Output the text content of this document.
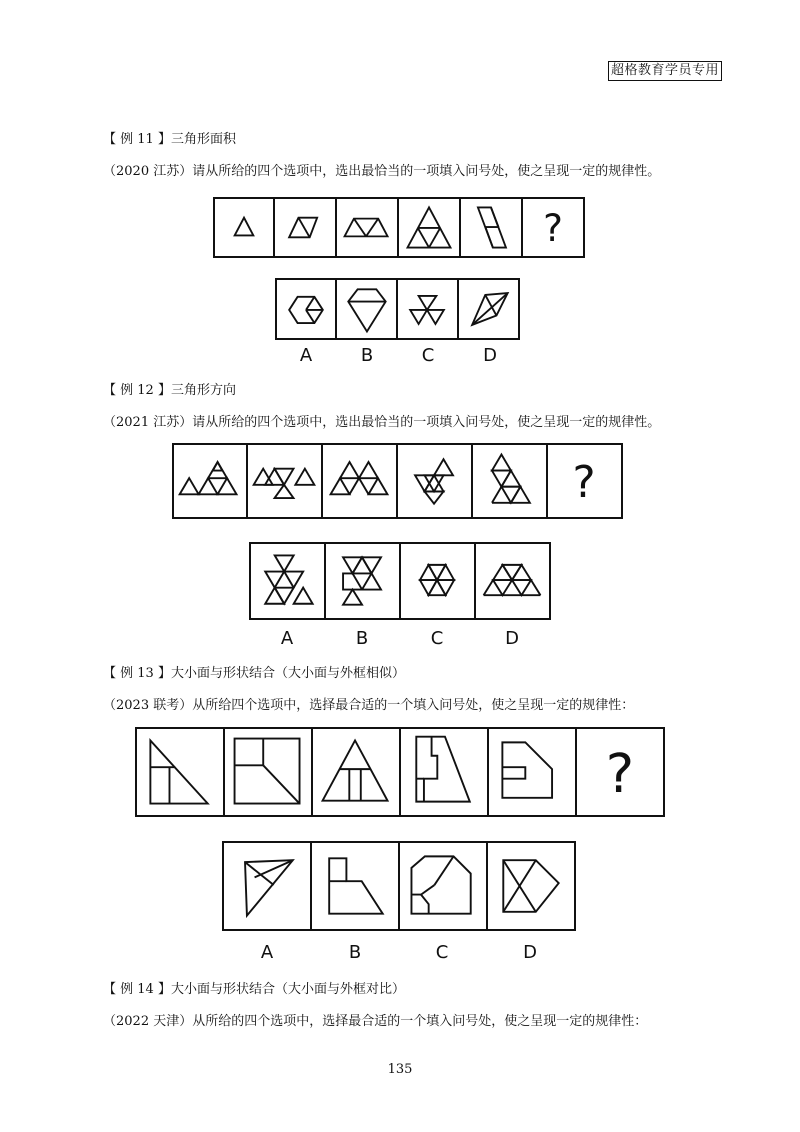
超格教育学员专用
【 例 11 】三角形面积
（2020 江苏）请从所给的四个选项中，选出最恰当的一项填入问号处，使之呈现一定的规律性。
?
A	B	C	D
【 例 12 】三角形方向
（2021 江苏）请从所给的四个选项中，选出最恰当的一项填入问号处，使之呈现一定的规律性。
?
A	B	C	D
【 例 13 】大小面与形状结合（大小面与外框相似）
（2023 联考）从所给四个选项中，选择最合适的一个填入问号处，使之呈现一定的规律性：
?
A	B	C	D
【 例 14 】大小面与形状结合（大小面与外框对比）
（2022 天津）从所给的四个选项中，选择最合适的一个填入问号处，使之呈现一定的规律性：
135
